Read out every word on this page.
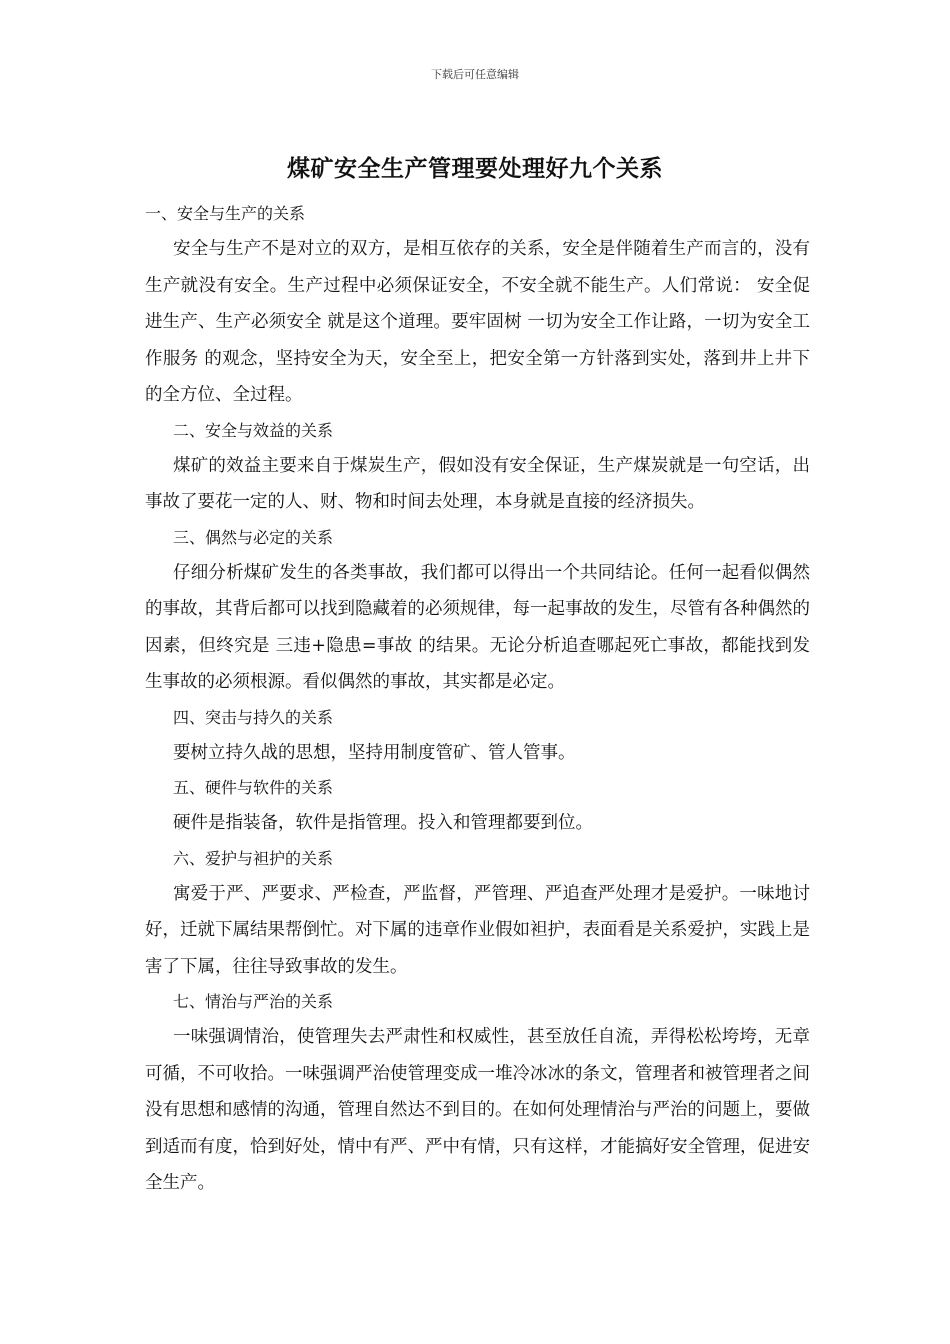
下载后可任意编辑
煤矿安全生产管理要处理好九个关系

一、安全与生产的关系

安全与生产不是对立的双方，是相互依存的关系，安全是伴随着生产而言的，没有生产就没有安全。生产过程中必须保证安全，不安全就不能生产。人们常说： 安全促进生产、生产必须安全 就是这个道理。要牢固树 一切为安全工作让路，一切为安全工作服务 的观念，坚持安全为天，安全至上，把安全第一方针落到实处，落到井上井下的全方位、全过程。

二、安全与效益的关系

煤矿的效益主要来自于煤炭生产，假如没有安全保证，生产煤炭就是一句空话，出事故了要花一定的人、财、物和时间去处理，本身就是直接的经济损失。

三、偶然与必定的关系

仔细分析煤矿发生的各类事故，我们都可以得出一个共同结论。任何一起看似偶然的事故，其背后都可以找到隐藏着的必须规律，每一起事故的发生，尽管有各种偶然的因素，但终究是 三违+隐患=事故 的结果。无论分析追查哪起死亡事故，都能找到发生事故的必须根源。看似偶然的事故，其实都是必定。

四、突击与持久的关系

要树立持久战的思想，坚持用制度管矿、管人管事。

五、硬件与软件的关系

硬件是指装备，软件是指管理。投入和管理都要到位。

六、爱护与袒护的关系

寓爱于严、严要求、严检查，严监督，严管理、严追查严处理才是爱护。一味地讨好，迁就下属结果帮倒忙。对下属的违章作业假如袒护，表面看是关系爱护，实践上是害了下属，往往导致事故的发生。

七、情治与严治的关系

一味强调情治，使管理失去严肃性和权威性，甚至放任自流，弄得松松垮垮，无章可循，不可收拾。一味强调严治使管理变成一堆冷冰冰的条文，管理者和被管理者之间没有思想和感情的沟通，管理自然达不到目的。在如何处理情治与严治的问题上，要做到适而有度，恰到好处，情中有严、严中有情，只有这样，才能搞好安全管理，促进安全生产。
